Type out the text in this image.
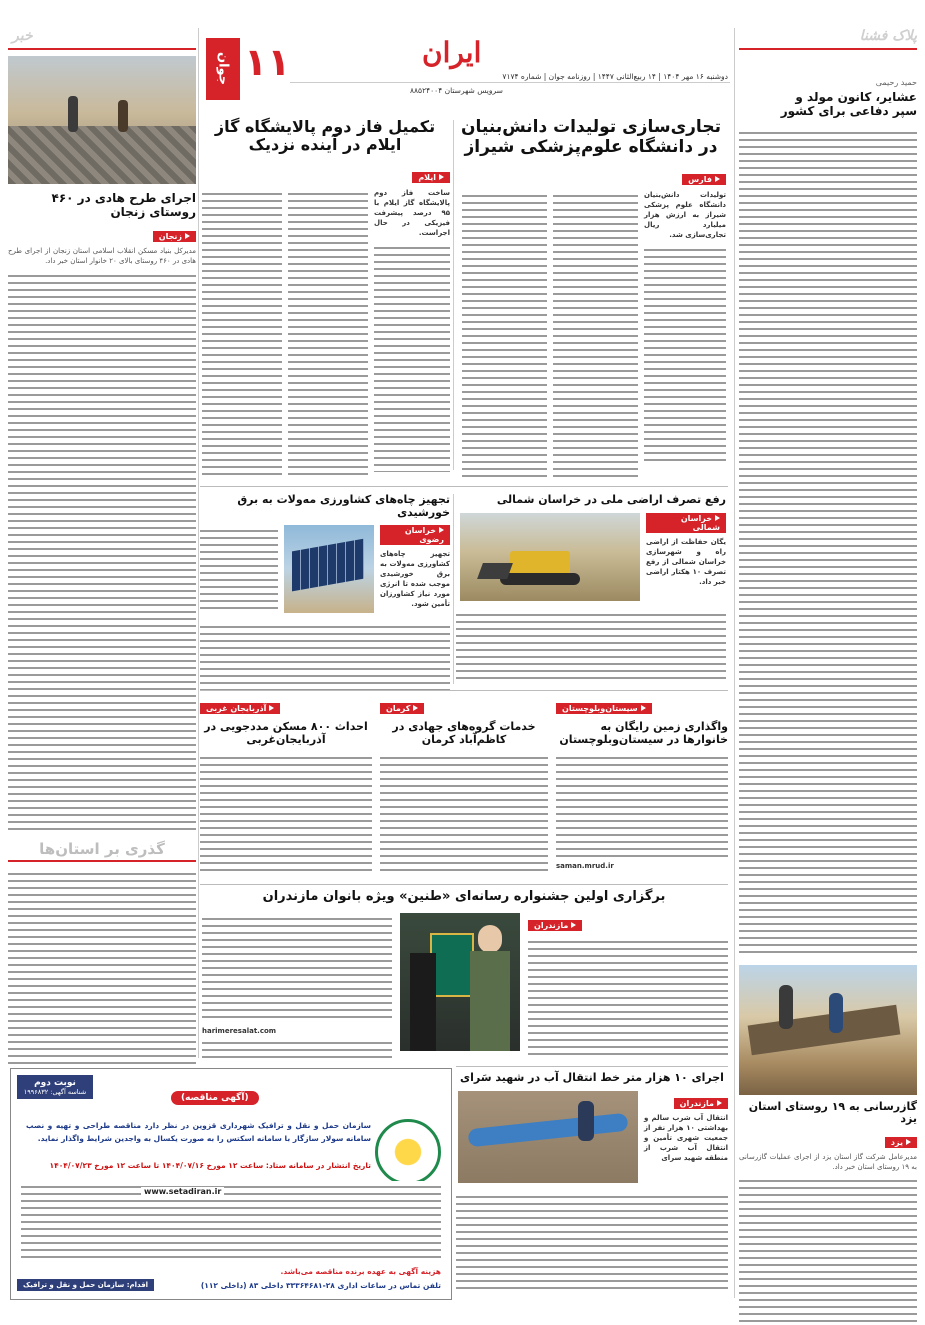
پلاک فشنا
حمید رحیمی
عشایر، کانون مولد و سپر دفاعی برای کشور
گازرسانی به ۱۹ روستای استان یزد
یزد
مدیرعامل شرکت گاز استان یزد از اجرای عملیات گازرسانی به ۱۹ روستای استان خبر داد.
جوان ۱۱	ایران
دوشنبه ۱۶ مهر ۱۴۰۴ | ۱۴ ربیع‌الثانی ۱۴۴۷ | روزنامه جوان | شماره ۷۱۷۴
سرویس شهرستان ۸۸۵۲۴۰۰۴
تجاری‌سازی تولیدات دانش‌بنیان در دانشگاه علوم‌پزشکی شیراز
فارس
تولیدات دانش‌بنیان دانشگاه علوم پزشکی شیراز به ارزش هزار میلیارد ریال تجاری‌سازی شد.
تکمیل فاز دوم پالایشگاه گاز ایلام در آینده نزدیک
ایلام
ساخت فاز دوم پالایشگاه گاز ایلام با ۹۵ درصد پیشرفت فیزیکی در حال اجراست.
رفع تصرف اراضی ملی در خراسان شمالی
خراسان شمالی
یگان حفاظت از اراضی راه و شهرسازی خراسان شمالی از رفع تصرف ۱۰ هکتار اراضی خبر داد.
تجهیز چاه‌های کشاورزی مه‌ولات به برق خورشیدی
خراسان رضوی
تجهیز چاه‌های کشاورزی مه‌ولات به برق خورشیدی موجب شده تا انرژی مورد نیاز کشاورزان تأمین شود.
سیستان‌وبلوچستان
واگذاری زمین رایگان به خانوارها در سیستان‌وبلوچستان
saman.mrud.ir
کرمان
خدمات گروه‌های جهادی در کاظم‌آباد کرمان
آذربایجان غربی
احداث ۸۰۰ مسکن مددجویی در آذربایجان‌غربی
برگزاری اولین جشنواره رسانه‌ای «طنین» ویژه بانوان مازندران
مازندران
harimeresalat.com
اجرای ۱۰ هزار متر خط انتقال آب در شهید سَرای
مازندران
انتقال آب شرب سالم و بهداشتی ۱۰ هزار نفر از جمعیت شهری تأمین و انتقال آب شرب از منطقه شهید سرای
نوبت دوم
شناسه آگهی: ۱۹۹۶۸۳۲
(آگهی مناقصه)
سازمان حمل و نقل و ترافیک شهرداری قزوین در نظر دارد مناقصه طراحی و تهیه و نصب سامانه سولار سازگار با سامانه اسکتس را به صورت یکسال به واجدین شرایط واگذار نماید.
تاریخ انتشار در سامانه ستاد: ساعت ۱۲ مورخ ۱۴۰۴/۰۷/۱۶ تا ساعت ۱۲ مورخ ۱۴۰۴/۰۷/۲۳
www.setadiran.ir
هزینه آگهی به عهده برنده مناقصه می‌باشد.
تلفن تماس در ساعات اداری ۲۸-۳۳۳۶۴۶۸۱ داخلی ۸۳ (داخلی ۱۱۲)
اقدام: سازمان حمل و نقل و ترافیک
خبر
اجرای طرح هادی در ۴۶۰ روستای زنجان
زنجان
مدیرکل بنیاد مسکن انقلاب اسلامی استان زنجان از اجرای طرح هادی در ۴۶۰ روستای بالای ۲۰ خانوار استان خبر داد.
گذری بر استان‌ها
